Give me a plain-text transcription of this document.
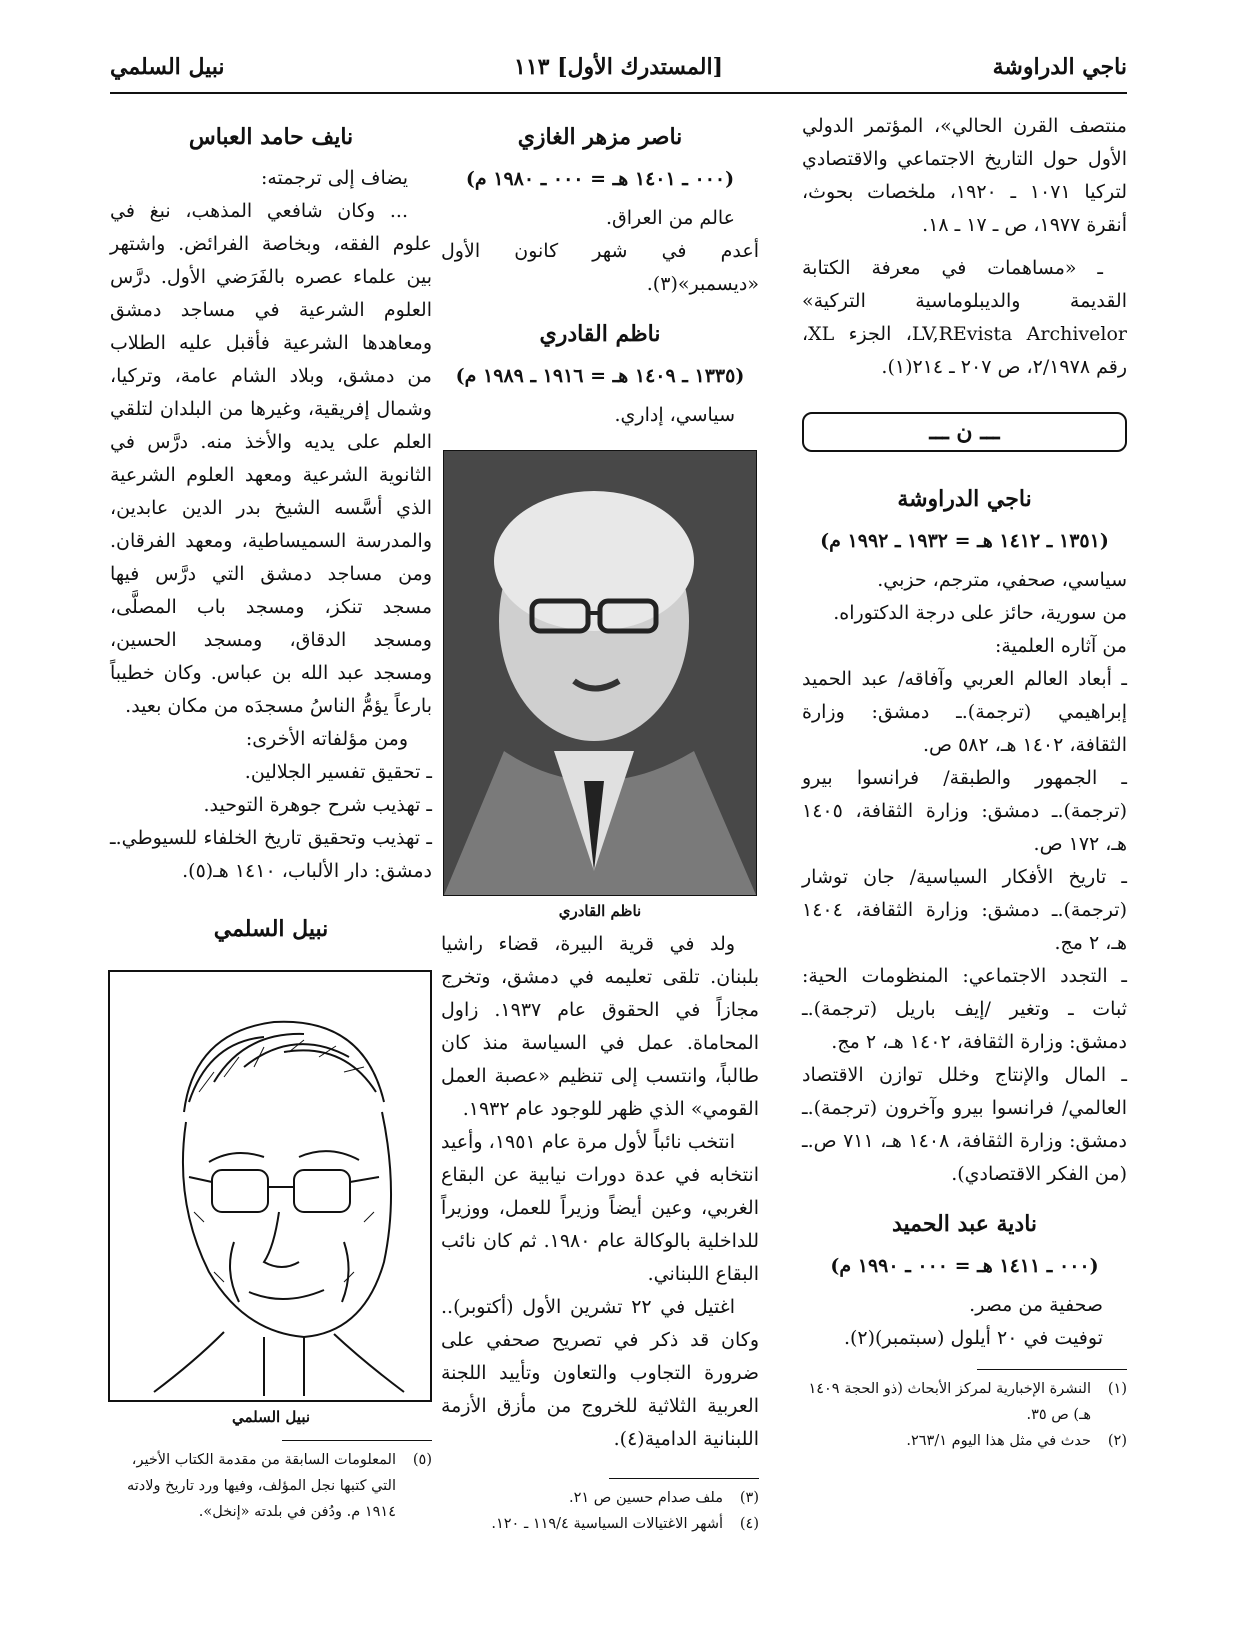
ناجي الدراوشة
[المستدرك الأول] ١١٣
نبيل السلمي

منتصف القرن الحالي»، المؤتمر الدولي الأول حول التاريخ الاجتماعي والاقتصادي لتركيا ١٠٧١ ـ ١٩٢٠، ملخصات بحوث، أنقرة ١٩٧٧، ص ـ ١٧ ـ ١٨.

ـ «مساهمات في معرفة الكتابة القديمة والديبلوماسية التركية» LV,REvista Archivelor، الجزء XL، رقم ٢/١٩٧٨، ص ٢٠٧ ـ ٢١٤(١).

ـــ ن ـــ
ناجي الدراوشة
(١٣٥١ ـ ١٤١٢ هـ = ١٩٣٢ ـ ١٩٩٢ م)

سياسي، صحفي، مترجم، حزبي.

من سورية، حائز على درجة الدكتوراه.

من آثاره العلمية:

ـ أبعاد العالم العربي وآفاقه/ عبد الحميد إبراهيمي (ترجمة).ـ دمشق: وزارة الثقافة، ١٤٠٢ هـ، ٥٨٢ ص.

ـ الجمهور والطبقة/ فرانسوا بيرو (ترجمة).ـ دمشق: وزارة الثقافة، ١٤٠٥ هـ، ١٧٢ ص.

ـ تاريخ الأفكار السياسية/ جان توشار (ترجمة).ـ دمشق: وزارة الثقافة، ١٤٠٤ هـ، ٢ مج.

ـ التجدد الاجتماعي: المنظومات الحية: ثبات ـ وتغير /إيف باريل (ترجمة).ـ دمشق: وزارة الثقافة، ١٤٠٢ هـ، ٢ مج.

ـ المال والإنتاج وخلل توازن الاقتصاد العالمي/ فرانسوا بيرو وآخرون (ترجمة).ـ دمشق: وزارة الثقافة، ١٤٠٨ هـ، ٧١١ ص.ـ (من الفكر الاقتصادي).

نادية عبد الحميد
(٠٠٠ ـ ١٤١١ هـ = ٠٠٠ ـ ١٩٩٠ م)

صحفية من مصر.

توفيت في ٢٠ أيلول (سبتمبر)(٢).

(١)
النشرة الإخبارية لمركز الأبحاث (ذو الحجة ١٤٠٩ هـ) ص ٣٥.
(٢)
حدث في مثل هذا اليوم ٢٦٣/١.
ناصر مزهر الغازي
(٠٠٠ ـ ١٤٠١ هـ = ٠٠٠ ـ ١٩٨٠ م)

عالم من العراق.

أعدم في شهر كانون الأول «ديسمبر»(٣).

ناظم القادري
(١٣٣٥ ـ ١٤٠٩ هـ = ١٩١٦ ـ ١٩٨٩ م)

سياسي، إداري.

ناظم القادري

ولد في قرية البيرة، قضاء راشيا بلبنان. تلقى تعليمه في دمشق، وتخرج مجازاً في الحقوق عام ١٩٣٧. زاول المحاماة. عمل في السياسة منذ كان طالباً، وانتسب إلى تنظيم «عصبة العمل القومي» الذي ظهر للوجود عام ١٩٣٢.

انتخب نائباً لأول مرة عام ١٩٥١، وأعيد انتخابه في عدة دورات نيابية عن البقاع الغربي، وعين أيضاً وزيراً للعمل، ووزيراً للداخلية بالوكالة عام ١٩٨٠. ثم كان نائب البقاع اللبناني.

اغتيل في ٢٢ تشرين الأول (أكتوبر).. وكان قد ذكر في تصريح صحفي على ضرورة التجاوب والتعاون وتأييد اللجنة العربية الثلاثية للخروج من مأزق الأزمة اللبنانية الدامية(٤).

(٣)
ملف صدام حسين ص ٢١.
(٤)
أشهر الاغتيالات السياسية ١١٩/٤ ـ ١٢٠.
نايف حامد العباس

يضاف إلى ترجمته:

... وكان شافعي المذهب، نبغ في علوم الفقه، وبخاصة الفرائض. واشتهر بين علماء عصره بالفَرَضي الأول. درَّس العلوم الشرعية في مساجد دمشق ومعاهدها الشرعية فأقبل عليه الطلاب من دمشق، وبلاد الشام عامة، وتركيا، وشمال إفريقية، وغيرها من البلدان لتلقي العلم على يديه والأخذ منه. درَّس في الثانوية الشرعية ومعهد العلوم الشرعية الذي أسَّسه الشيخ بدر الدين عابدين، والمدرسة السميساطية، ومعهد الفرقان. ومن مساجد دمشق التي درَّس فيها مسجد تنكز، ومسجد باب المصلَّى، ومسجد الدقاق، ومسجد الحسين، ومسجد عبد الله بن عباس. وكان خطيباً بارعاً يؤمُّ الناسُ مسجدَه من مكان بعيد.

ومن مؤلفاته الأخرى:

ـ تحقيق تفسير الجلالين.

ـ تهذيب شرح جوهرة التوحيد.

ـ تهذيب وتحقيق تاريخ الخلفاء للسيوطي.ـ دمشق: دار الألباب، ١٤١٠ هـ(٥).

نبيل السلمي
نبيل السلمي
(٥)
المعلومات السابقة من مقدمة الكتاب الأخير، التي كتبها نجل المؤلف، وفيها ورد تاريخ ولادته ١٩١٤ م. ودُفن في بلدته «إنخل».
